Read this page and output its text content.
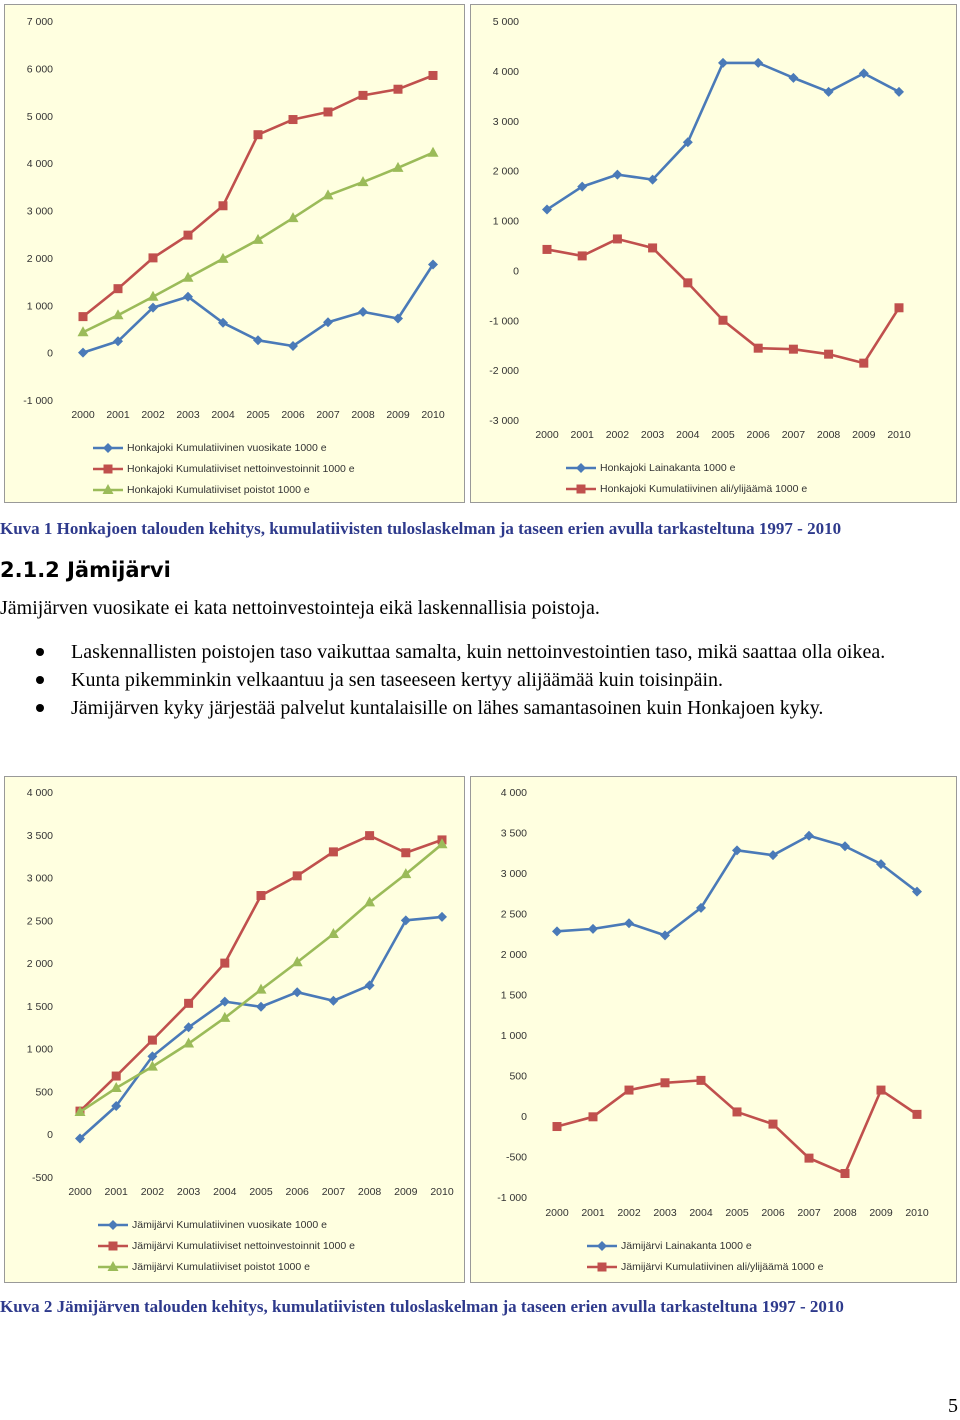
7 000
6 000
5 000
4 000
3 000
2 000
1 000
0
-1 000
2000 2001 2002 2003 2004 2005 2006 2007 2008 2009 2010
Honkajoki Kumulatiivinen vuosikate 1000 e
Honkajoki Kumulatiiviset nettoinvestoinnit 1000 e
Honkajoki Kumulatiiviset poistot 1000 e
5 000
4 000
3 000
2 000
1 000
0
-1 000
-2 000
-3 000
2000 2001 2002 2003 2004 2005 2006 2007 2008 2009 2010
Honkajoki Lainakanta 1000 e
Honkajoki Kumulatiivinen ali/ylijäämä 1000 e
Kuva 1 Honkajoen talouden kehitys, kumulatiivisten tuloslaskelman ja taseen erien avulla tarkasteltuna 1997 - 2010
2.1.2 Jämijärvi
Jämijärven vuosikate ei kata nettoinvestointeja eikä laskennallisia poistoja.
Laskennallisten poistojen taso vaikuttaa samalta, kuin nettoinvestointien taso, mikä saattaa olla oikea.
Kunta pikemminkin velkaantuu ja sen taseeseen kertyy alijäämää kuin toisinpäin.
Jämijärven kyky järjestää palvelut kuntalaisille on lähes samantasoinen kuin Honkajoen kyky.
4 000
3 500
3 000
2 500
2 000
1 500
1 000
500
0
-500
2000 2001 2002 2003 2004 2005 2006 2007 2008 2009 2010
Jämijärvi Kumulatiivinen vuosikate 1000 e
Jämijärvi Kumulatiiviset nettoinvestoinnit 1000 e
Jämijärvi Kumulatiiviset poistot 1000 e
4 000
3 500
3 000
2 500
2 000
1 500
1 000
500
0
-500
-1 000
2000 2001 2002 2003 2004 2005 2006 2007 2008 2009 2010
Jämijärvi Lainakanta 1000 e
Jämijärvi Kumulatiivinen ali/ylijäämä 1000 e
Kuva 2 Jämijärven talouden kehitys, kumulatiivisten tuloslaskelman ja taseen erien avulla tarkasteltuna 1997 - 2010
5
